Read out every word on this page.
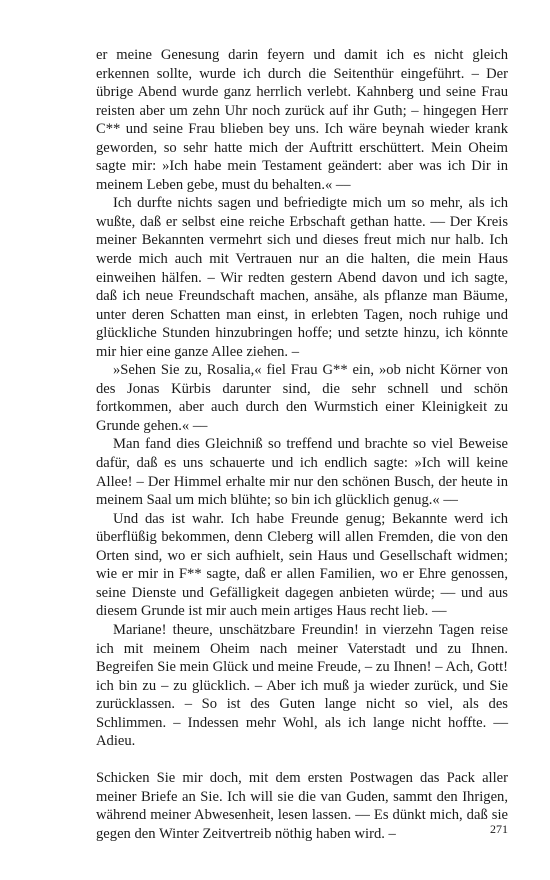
er meine Genesung darin feyern und damit ich es nicht gleich erkennen sollte, wurde ich durch die Seitenthür eingeführt. – Der übrige Abend wurde ganz herrlich verlebt. Kahnberg und seine Frau reisten aber um zehn Uhr noch zurück auf ihr Guth; – hingegen Herr C** und seine Frau blieben bey uns. Ich wäre beynah wieder krank geworden, so sehr hatte mich der Auftritt erschüttert. Mein Oheim sagte mir: »Ich habe mein Testament geändert: aber was ich Dir in meinem Leben gebe, must du behalten.« ––

Ich durfte nichts sagen und befriedigte mich um so mehr, als ich wußte, daß er selbst eine reiche Erbschaft gethan hatte. –– Der Kreis meiner Bekannten vermehrt sich und dieses freut mich nur halb. Ich werde mich auch mit Vertrauen nur an die halten, die mein Haus einweihen hälfen. – Wir redten gestern Abend davon und ich sagte, daß ich neue Freundschaft machen, ansähe, als pflanze man Bäume, unter deren Schatten man einst, in erlebten Tagen, noch ruhige und glückliche Stunden hinzubringen hoffe; und setzte hinzu, ich könnte mir hier eine ganze Allee ziehen. –

»Sehen Sie zu, Rosalia,« fiel Frau G** ein, »ob nicht Körner von des Jonas Kürbis darunter sind, die sehr schnell und schön fortkommen, aber auch durch den Wurmstich einer Kleinigkeit zu Grunde gehen.« ––

Man fand dies Gleichniß so treffend und brachte so viel Beweise dafür, daß es uns schauerte und ich endlich sagte: »Ich will keine Allee! – Der Himmel erhalte mir nur den schönen Busch, der heute in meinem Saal um mich blühte; so bin ich glücklich genug.« ––

Und das ist wahr. Ich habe Freunde genug; Bekannte werd ich überflüßig bekommen, denn Cleberg will allen Fremden, die von den Orten sind, wo er sich aufhielt, sein Haus und Gesellschaft widmen; wie er mir in F** sagte, daß er allen Familien, wo er Ehre genossen, seine Dienste und Gefälligkeit dagegen anbieten würde; –– und aus diesem Grunde ist mir auch mein artiges Haus recht lieb. ––

Mariane! theure, unschätzbare Freundin! in vierzehn Tagen reise ich mit meinem Oheim nach meiner Vaterstadt und zu Ihnen. Begreifen Sie mein Glück und meine Freude, – zu Ihnen! – Ach, Gott! ich bin zu – zu glücklich. – Aber ich muß ja wieder zurück, und Sie zurücklassen. – So ist des Guten lange nicht so viel, als des Schlimmen. – Indessen mehr Wohl, als ich lange nicht hoffte. –– Adieu.

Schicken Sie mir doch, mit dem ersten Postwagen das Pack aller meiner Briefe an Sie. Ich will sie die van Guden, sammt den Ihrigen, während meiner Abwesenheit, lesen lassen. –– Es dünkt mich, daß sie gegen den Winter Zeitvertreib nöthig haben wird. –	271
